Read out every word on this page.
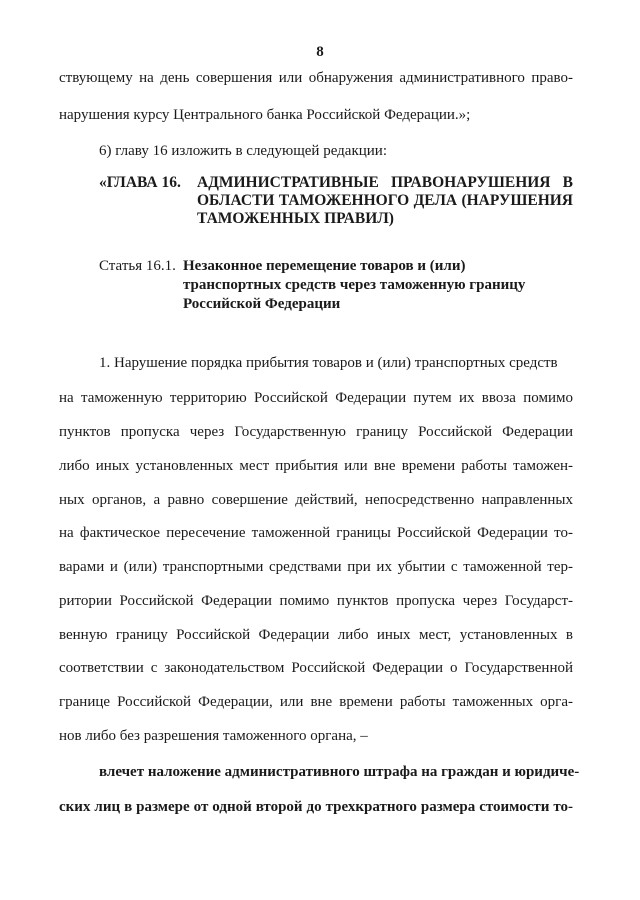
8
ствующему на день совершения или обнаружения административного право-
нарушения курсу Центрального банка Российской Федерации.»;
6) главу 16 изложить в следующей редакции:
«ГЛАВА 16. АДМИНИСТРАТИВНЫЕ ПРАВОНАРУШЕНИЯ В
ОБЛАСТИ ТАМОЖЕННОГО ДЕЛА (НАРУШЕНИЯ
ТАМОЖЕННЫХ ПРАВИЛ)
Статья 16.1. Незаконное перемещение товаров и (или)
транспортных средств через таможенную границу
Российской Федерации
1. Нарушение порядка прибытия товаров и (или) транспортных средств
на таможенную территорию Российской Федерации путем их ввоза помимо
пунктов пропуска через Государственную границу Российской Федерации
либо иных установленных мест прибытия или вне времени работы таможен-
ных органов, а равно совершение действий, непосредственно направленных
на фактическое пересечение таможенной границы Российской Федерации то-
варами и (или) транспортными средствами при их убытии с таможенной тер-
ритории Российской Федерации помимо пунктов пропуска через Государст-
венную границу Российской Федерации либо иных мест, установленных в
соответствии с законодательством Российской Федерации о Государственной
границе Российской Федерации, или вне времени работы таможенных орга-
нов либо без разрешения таможенного органа, –
влечет наложение административного штрафа на граждан и юридиче-
ских лиц в размере от одной второй до трехкратного размера стоимости то-
